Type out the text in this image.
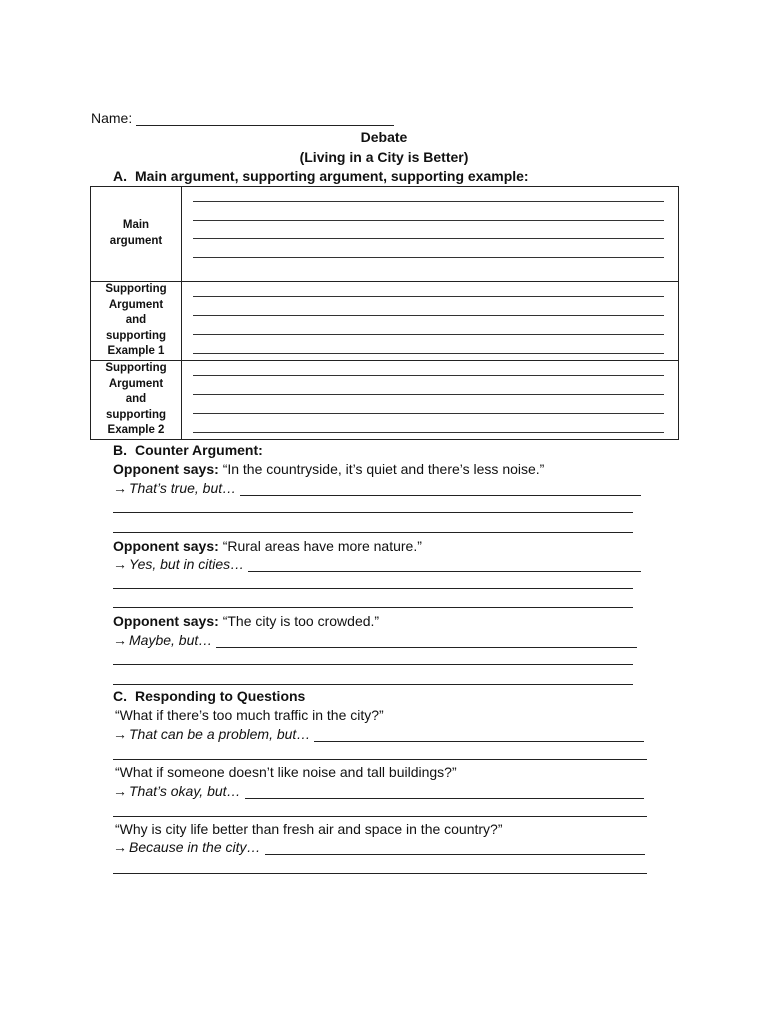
Name:
Debate
(Living in a City is Better)
A. Main argument, supporting argument, supporting example:
Main argument	

Supporting Argument and supporting Example 1	

Supporting Argument and supporting Example 2	

B. Counter Argument:
Opponent says: “In the countryside, it’s quiet and there’s less noise.”
→ That’s true, but…
Opponent says: “Rural areas have more nature.”
→ Yes, but in cities…
Opponent says: “The city is too crowded.”
→ Maybe, but…
C. Responding to Questions
“What if there’s too much traffic in the city?”
→ That can be a problem, but…
“What if someone doesn’t like noise and tall buildings?”
→ That’s okay, but…
“Why is city life better than fresh air and space in the country?”
→ Because in the city…
